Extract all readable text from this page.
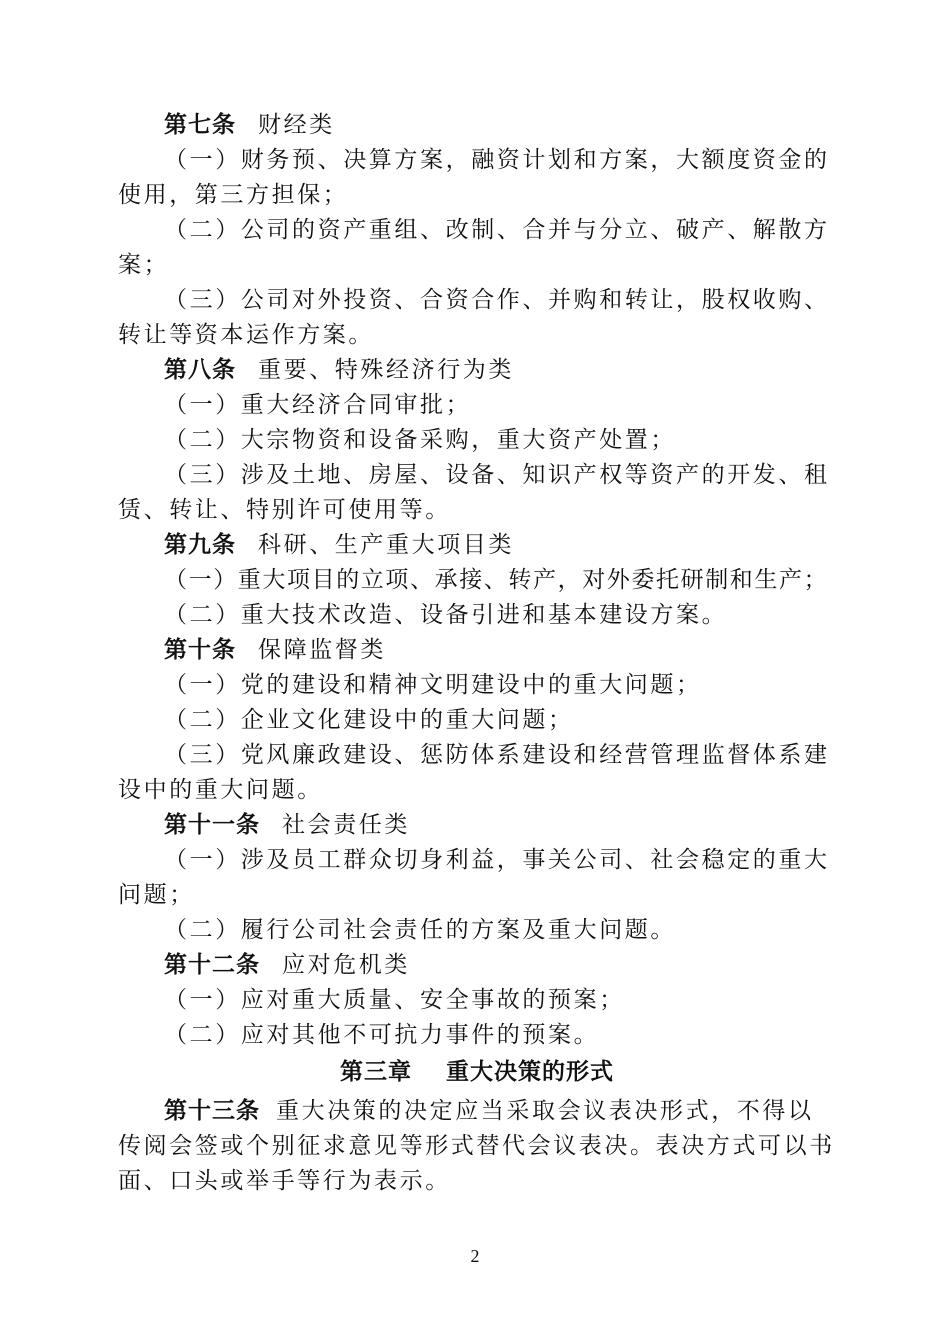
第七条 财经类
（一）财务预、决算方案，融资计划和方案，大额度资金的
使用，第三方担保；
（二）公司的资产重组、改制、合并与分立、破产、解散方
案；
（三）公司对外投资、合资合作、并购和转让，股权收购、
转让等资本运作方案。
第八条 重要、特殊经济行为类
（一）重大经济合同审批；
（二）大宗物资和设备采购，重大资产处置；
（三）涉及土地、房屋、设备、知识产权等资产的开发、租
赁、转让、特别许可使用等。
第九条 科研、生产重大项目类
（一）重大项目的立项、承接、转产，对外委托研制和生产；
（二）重大技术改造、设备引进和基本建设方案。
第十条 保障监督类
（一）党的建设和精神文明建设中的重大问题；
（二）企业文化建设中的重大问题；
（三）党风廉政建设、惩防体系建设和经营管理监督体系建
设中的重大问题。
第十一条 社会责任类
（一）涉及员工群众切身利益，事关公司、社会稳定的重大
问题；
（二）履行公司社会责任的方案及重大问题。
第十二条 应对危机类
（一）应对重大质量、安全事故的预案；
（二）应对其他不可抗力事件的预案。
第三章 重大决策的形式
第十三条 重大决策的决定应当采取会议表决形式，不得以
传阅会签或个别征求意见等形式替代会议表决。表决方式可以书
面、口头或举手等行为表示。
2
